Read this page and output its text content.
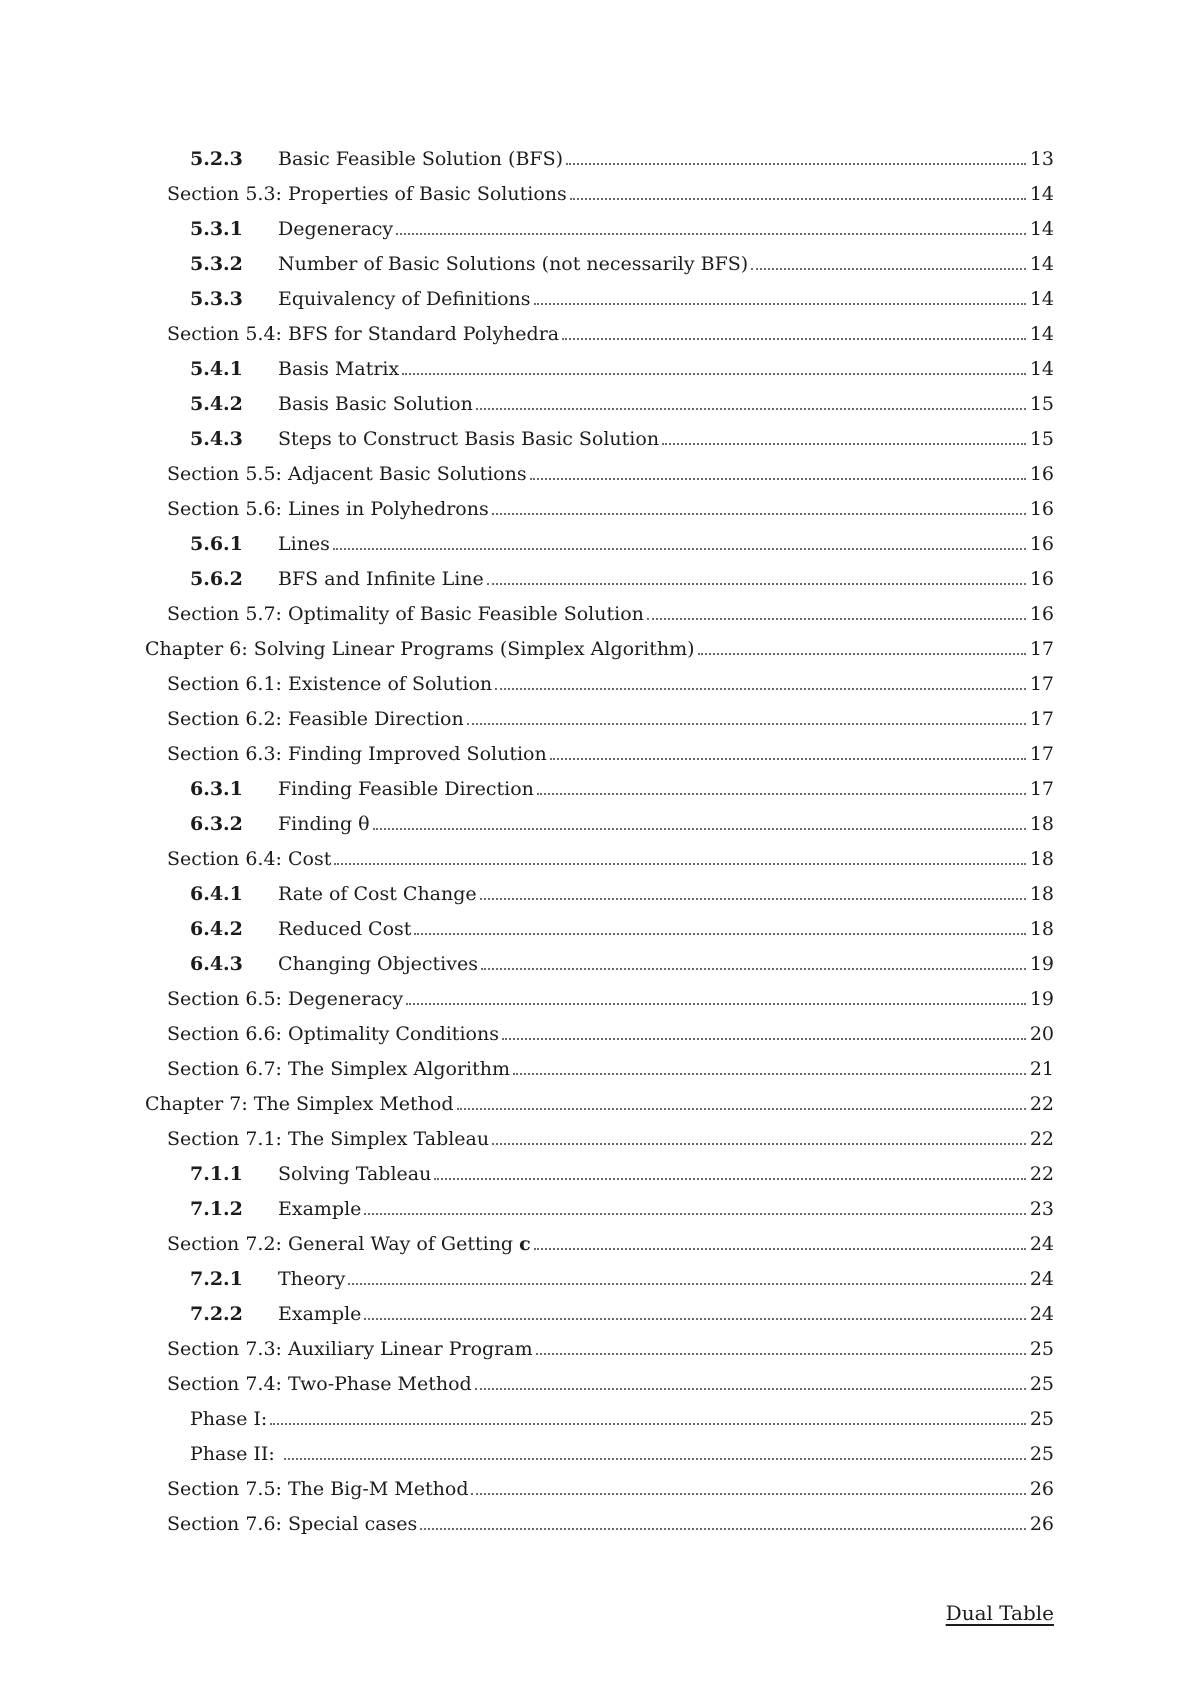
5.2.3	Basic Feasible Solution (BFS)	13
Section 5.3: Properties of Basic Solutions	14
5.3.1	Degeneracy	14
5.3.2	Number of Basic Solutions (not necessarily BFS)	14
5.3.3	Equivalency of Definitions	14
Section 5.4: BFS for Standard Polyhedra	14
5.4.1	Basis Matrix	14
5.4.2	Basis Basic Solution	15
5.4.3	Steps to Construct Basis Basic Solution	15
Section 5.5: Adjacent Basic Solutions	16
Section 5.6: Lines in Polyhedrons	16
5.6.1	Lines	16
5.6.2	BFS and Infinite Line	16
Section 5.7: Optimality of Basic Feasible Solution	16
Chapter 6: Solving Linear Programs (Simplex Algorithm)	17
Section 6.1: Existence of Solution	17
Section 6.2: Feasible Direction	17
Section 6.3: Finding Improved Solution	17
6.3.1	Finding Feasible Direction	17
6.3.2	Finding θ	18
Section 6.4: Cost	18
6.4.1	Rate of Cost Change	18
6.4.2	Reduced Cost	18
6.4.3	Changing Objectives	19
Section 6.5: Degeneracy	19
Section 6.6: Optimality Conditions	20
Section 6.7: The Simplex Algorithm	21
Chapter 7: The Simplex Method	22
Section 7.1: The Simplex Tableau	22
7.1.1	Solving Tableau	22
7.1.2	Example	23
Section 7.2: General Way of Getting c	24
7.2.1	Theory	24
7.2.2	Example	24
Section 7.3: Auxiliary Linear Program	25
Section 7.4: Two-Phase Method	25
Phase I:	25
Phase II:	25
Section 7.5: The Big-M Method	26
Section 7.6: Special cases	26
Dual Table
